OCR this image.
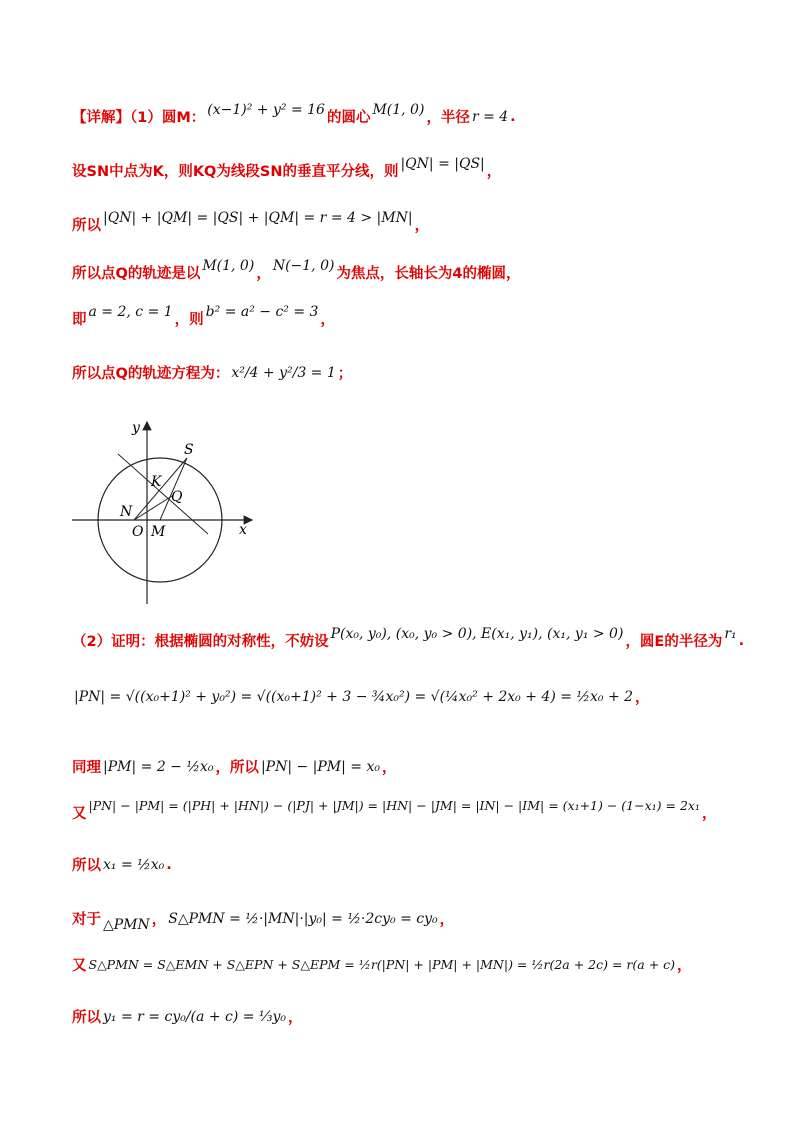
【详解】（1）圆M：
(x−1)² + y² = 16
的圆心
M(1, 0)
，半径 r = 4 .
设SN中点为K，则KQ为线段SN的垂直平分线，则
|QN| = |QS|
，
所以
|QN| + |QM| = |QS| + |QM| = r = 4 > |MN|
，
所以点Q的轨迹是以
M(1, 0)
，
N(−1, 0)
为焦点，长轴长为4的椭圆，
即
a = 2, c = 1
，则
b² = a² − c² = 3
，
所以点Q的轨迹方程为： x²/4 + y²/3 = 1 ；
x
y
S
K
Q
N
O M
（2）证明：根据椭圆的对称性，不妨设
P(x₀, y₀), (x₀, y₀ > 0), E(x₁, y₁), (x₁, y₁ > 0)
，圆E的半径为
r₁ .
|PN| = √((x₀+1)² + y₀²) = √((x₀+1)² + 3 − ¾x₀²) = √(¼x₀² + 2x₀ + 4) = ½x₀ + 2 ，
同理 |PM| = 2 − ½x₀ ，所以 |PN| − |PM| = x₀ ，
又
|PN| − |PM| = (|PH| + |HN|) − (|PJ| + |JM|) = |HN| − |JM| = |IN| − |IM| = (x₁+1) − (1−x₁) = 2x₁
，
所以 x₁ = ½x₀ .
对于 △PMN ， S△PMN = ½·|MN|·|y₀| = ½·2cy₀ = cy₀ ，
又 S△PMN = S△EMN + S△EPN + S△EPM = ½r(|PN| + |PM| + |MN|) = ½r(2a + 2c) = r(a + c) ，
所以 y₁ = r = cy₀/(a + c) = ⅓y₀ ，
